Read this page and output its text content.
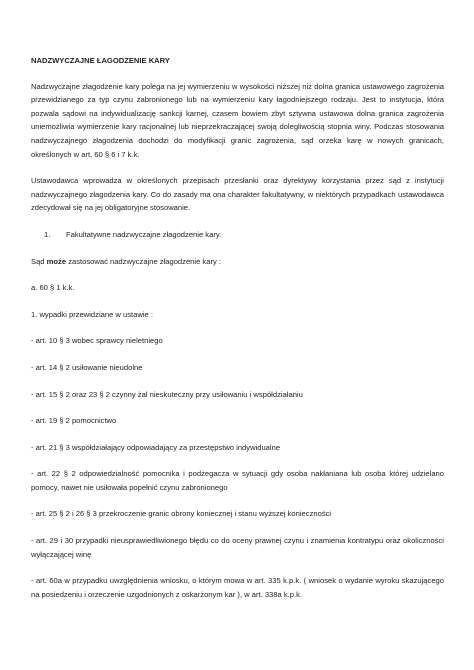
NADZWYCZAJNE ŁAGODZENIE KARY

Nadzwyczajne złagodzenie kary polega na jej wymierzeniu w wysokości niższej niż dolna granica ustawowego zagrożenia przewidzianego za typ czynu zabronionego lub na wymierzeniu kary łagodniejszego rodzaju. Jest to instytucja, która pozwala sądowi na indywidualizację sankcji karnej, czasem bowiem zbyt sztywna ustawowa dolna granica zagrożenia uniemożliwia wymierzenie kary racjonalnej lub nieprzekraczającej swoją dolegliwością stopnia winy. Podczas stosowania nadzwyczajnego złagodzenia dochodzi do modyfikacji granic zagrożenia, sąd orzeka karę w nowych granicach, określonych w art. 60 § 6 i 7 k.k.

Ustawodawca wprowadza w określonych przepisach przesłanki oraz dyrektywy korzystania przez sąd z instytucji nadzwyczajnego złagodzenia kary. Co do zasady ma ona charakter fakultatywny, w niektórych przypadkach ustawodawca zdecydował się na jej obligatoryjne stosowanie.

1. Fakultatywne nadzwyczajne złagodzenie kary.

Sąd może zastosować nadzwyczajne złagodzenie kary :

a. 60 § 1 k.k.

1. wypadki przewidziane w ustawie :

- art. 10 § 3 wobec sprawcy nieletniego

- art. 14 § 2 usiłowanie nieudolne

- art. 15 § 2 oraz 23 § 2 czynny żal nieskuteczny przy usiłowaniu i współdziałaniu

- art. 19 § 2 pomocnictwo

- art. 21 § 3 współdziałający odpowiadający za przestępstwo indywidualne

- art. 22 § 2 odpowiedzialność pomocnika i podżegacza w sytuacji gdy osoba nakłaniana lub osoba której udzielano pomocy, nawet nie usiłowała popełnić czynu zabronionego

- art. 25 § 2 i 26 § 3 przekroczenie granic obrony koniecznej i stanu wyższej konieczności

- art. 29 i 30 przypadki nieusprawiedliwionego błędu co do oceny prawnej czynu i znamienia kontratypu oraz okoliczności wyłączającej winę

- art. 60a w przypadku uwzględnienia wniosku, o którym mowa w art. 335 k.p.k. ( wniosek o wydanie wyroku skazującego na posiedzeniu i orzeczenie uzgodnionych z oskarżonym kar ), w art. 338a k.p.k.
